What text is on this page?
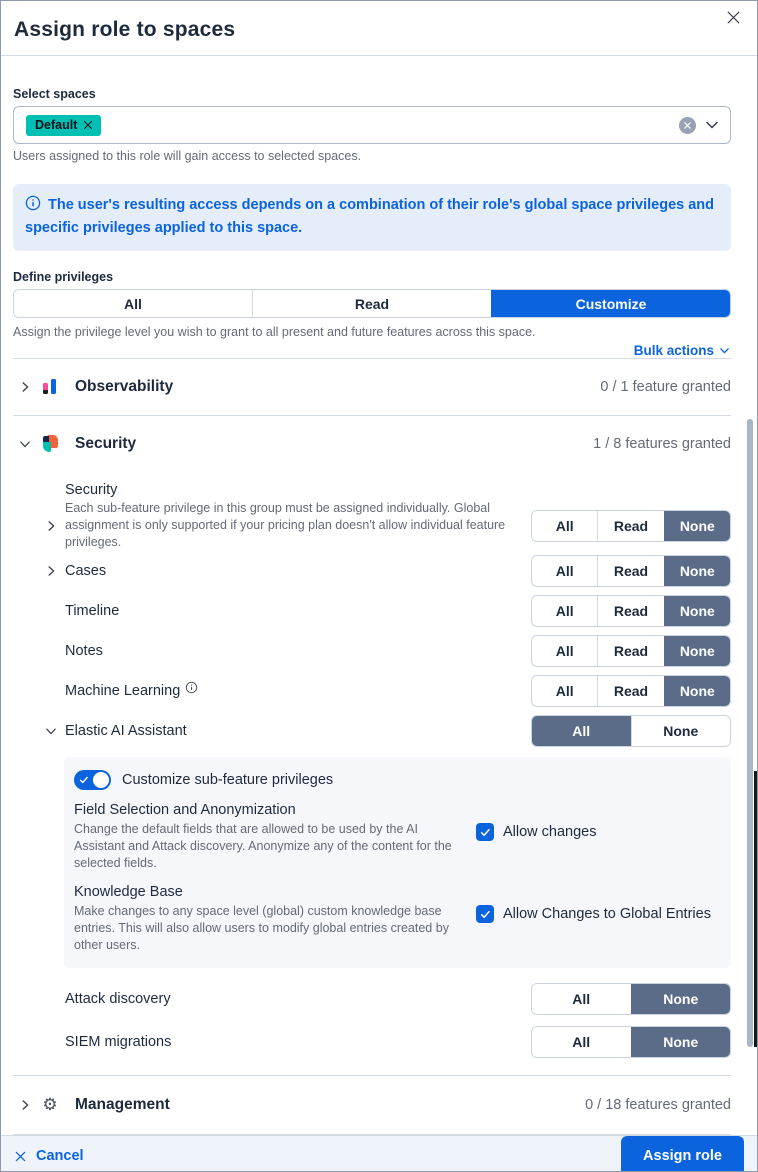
Assign role to spaces
Select spaces
Default
Users assigned to this role will gain access to selected spaces.
The user's resulting access depends on a combination of their role's global space privileges and specific privileges applied to this space.
Define privileges
All	Read	Customize
Assign the privilege level you wish to grant to all present and future features across this space.
Bulk actions
Observability	0 / 1 feature granted
Security	1 / 8 features granted
Security
Each sub-feature privilege in this group must be assigned individually. Global assignment is only supported if your pricing plan doesn't allow individual feature privileges.
All	Read	None
Cases	All	Read	None
Timeline	All	Read	None
Notes	All	Read	None
Machine Learning	All	Read	None
Elastic AI Assistant	All	None
Customize sub-feature privileges
Field Selection and Anonymization
Change the default fields that are allowed to be used by the AI Assistant and Attack discovery. Anonymize any of the content for the selected fields.
Allow changes
Knowledge Base
Make changes to any space level (global) custom knowledge base entries. This will also allow users to modify global entries created by other users.
Allow Changes to Global Entries
Attack discovery	All	None
SIEM migrations	All	None
⚙ Management	0 / 18 features granted
Cancel	Assign role
